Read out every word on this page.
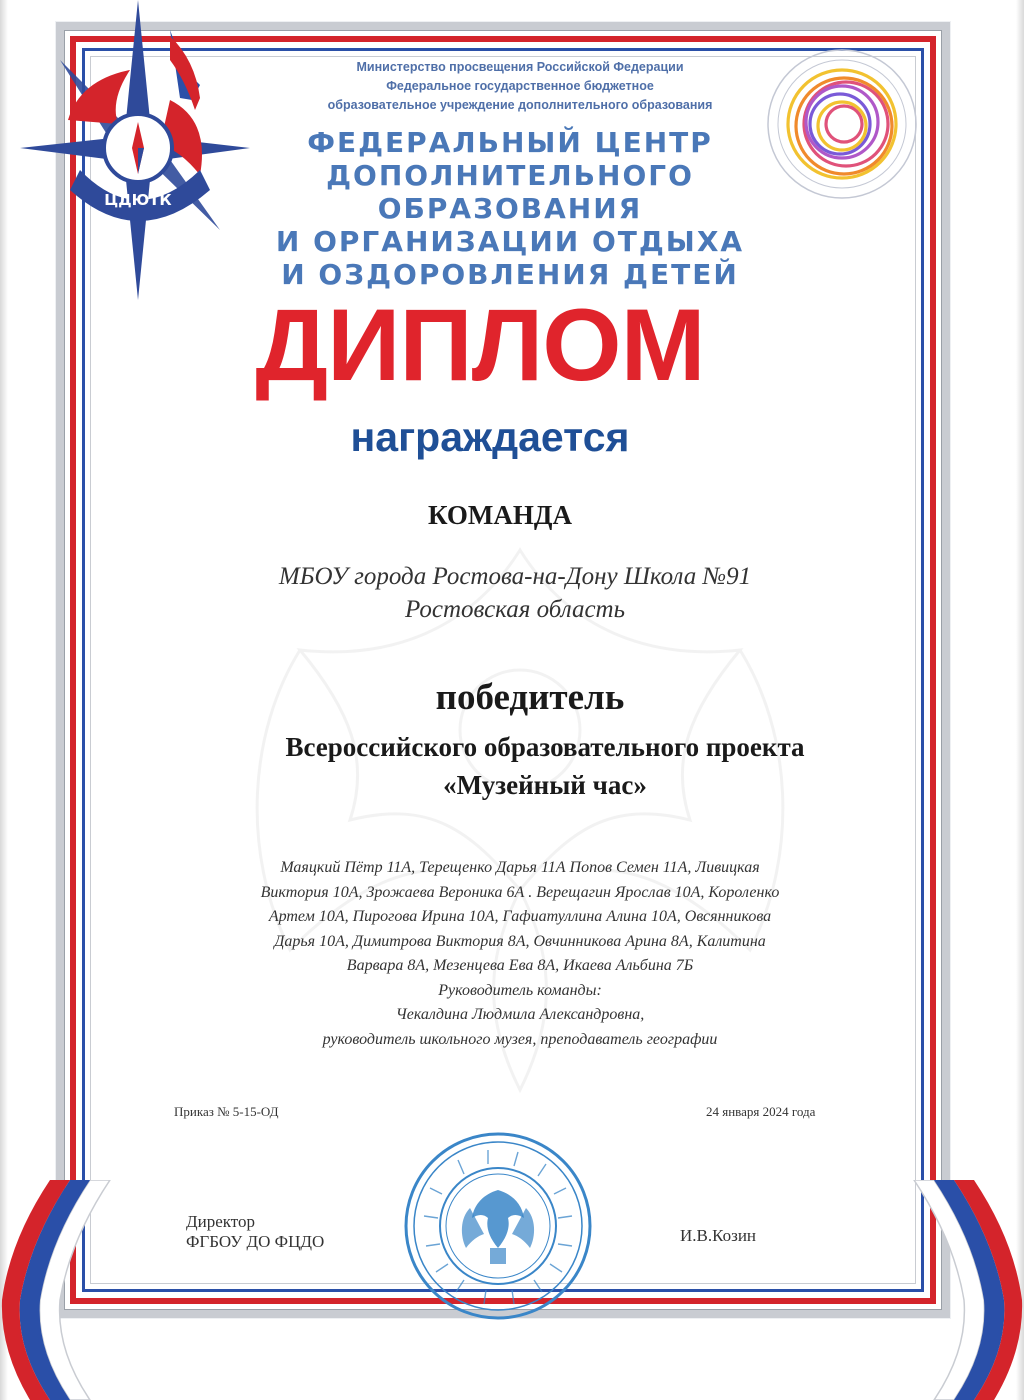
ЦДЮТК
Министерство просвещения Российской Федерации
Федеральное государственное бюджетное
образовательное учреждение дополнительного образования
ФЕДЕРАЛЬНЫЙ ЦЕНТР
ДОПОЛНИТЕЛЬНОГО
ОБРАЗОВАНИЯ
И ОРГАНИЗАЦИИ ОТДЫХА
И ОЗДОРОВЛЕНИЯ ДЕТЕЙ
ДИПЛОМ
награждается
КОМАНДА
МБОУ города Ростова-на-Дону Школа №91
Ростовская область
победитель
Всероссийского образовательного проекта
«Музейный час»
Маяцкий Пётр 11А, Терещенко Дарья 11А Попов Семен 11А, Ливицкая
Виктория 10А, Зрожаева Вероника 6А . Верещагин Ярослав 10А, Короленко
Артем 10А, Пирогова Ирина 10А, Гафиатуллина Алина 10А, Овсянникова
Дарья 10А, Димитрова Виктория 8А, Овчинникова Арина 8А, Калитина
Варвара 8А, Мезенцева Ева 8А, Икаева Альбина 7Б
Руководитель команды:
Чекалдина Людмила Александровна,
руководитель школьного музея, преподаватель географии
Приказ № 5-15-ОД	24 января 2024 года
Директор
ФГБОУ ДО ФЦДО	И.В.Козин
